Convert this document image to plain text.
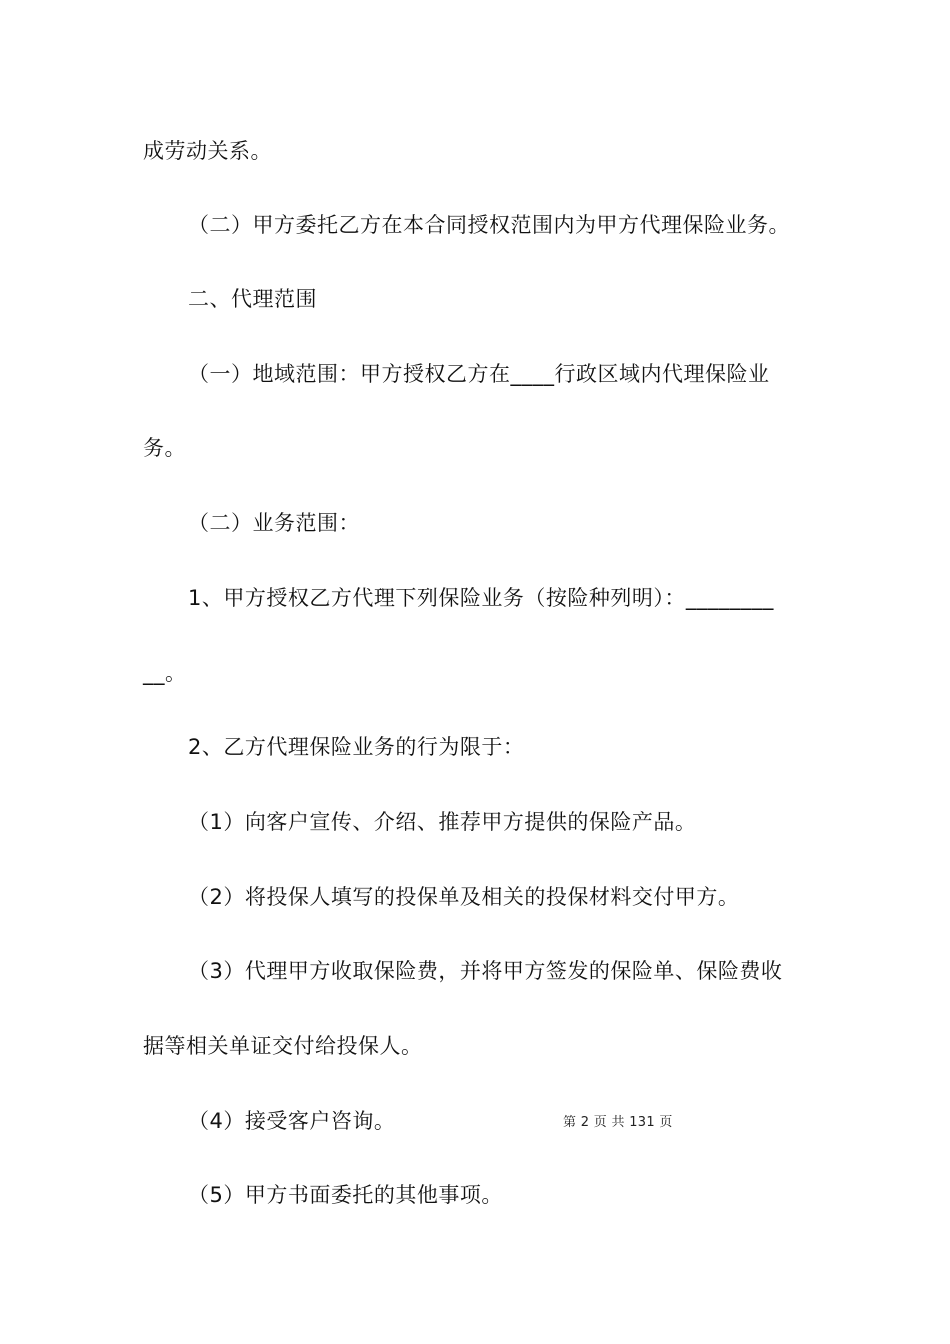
成劳动关系。
（二）甲方委托乙方在本合同授权范围内为甲方代理保险业务。
二、代理范围
（一）地域范围：甲方授权乙方在____行政区域内代理保险业
务。
（二）业务范围：
1、甲方授权乙方代理下列保险业务（按险种列明）：________
__。
2、乙方代理保险业务的行为限于：
（1）向客户宣传、介绍、推荐甲方提供的保险产品。
（2）将投保人填写的投保单及相关的投保材料交付甲方。
（3）代理甲方收取保险费，并将甲方签发的保险单、保险费收
据等相关单证交付给投保人。
（4）接受客户咨询。	第 2 页 共 131 页
（5）甲方书面委托的其他事项。
